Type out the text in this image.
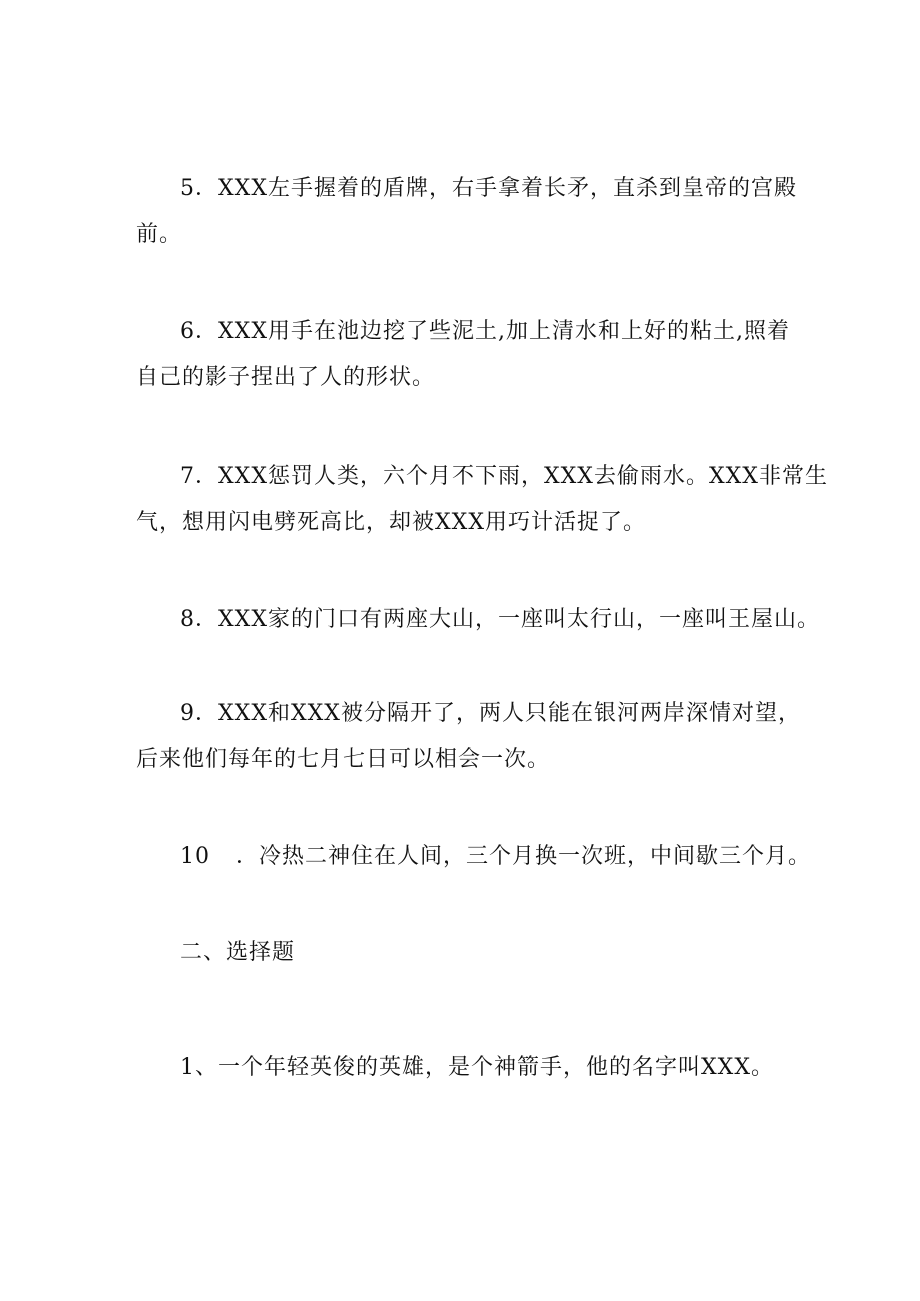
5．XXX左手握着的盾牌，右手拿着长矛，直杀到皇帝的宫殿
前。
6．XXX用手在池边挖了些泥土,加上清水和上好的粘土,照着
自己的影子捏出了人的形状。
7．XXX惩罚人类，六个月不下雨，XXX去偷雨水。XXX非常生
气，想用闪电劈死高比，却被XXX用巧计活捉了。
8．XXX家的门口有两座大山，一座叫太行山，一座叫王屋山。
9．XXX和XXX被分隔开了，两人只能在银河两岸深情对望，
后来他们每年的七月七日可以相会一次。
10 ．冷热二神住在人间，三个月换一次班，中间歇三个月。
二、选择题
1、一个年轻英俊的英雄，是个神箭手，他的名字叫XXX。
